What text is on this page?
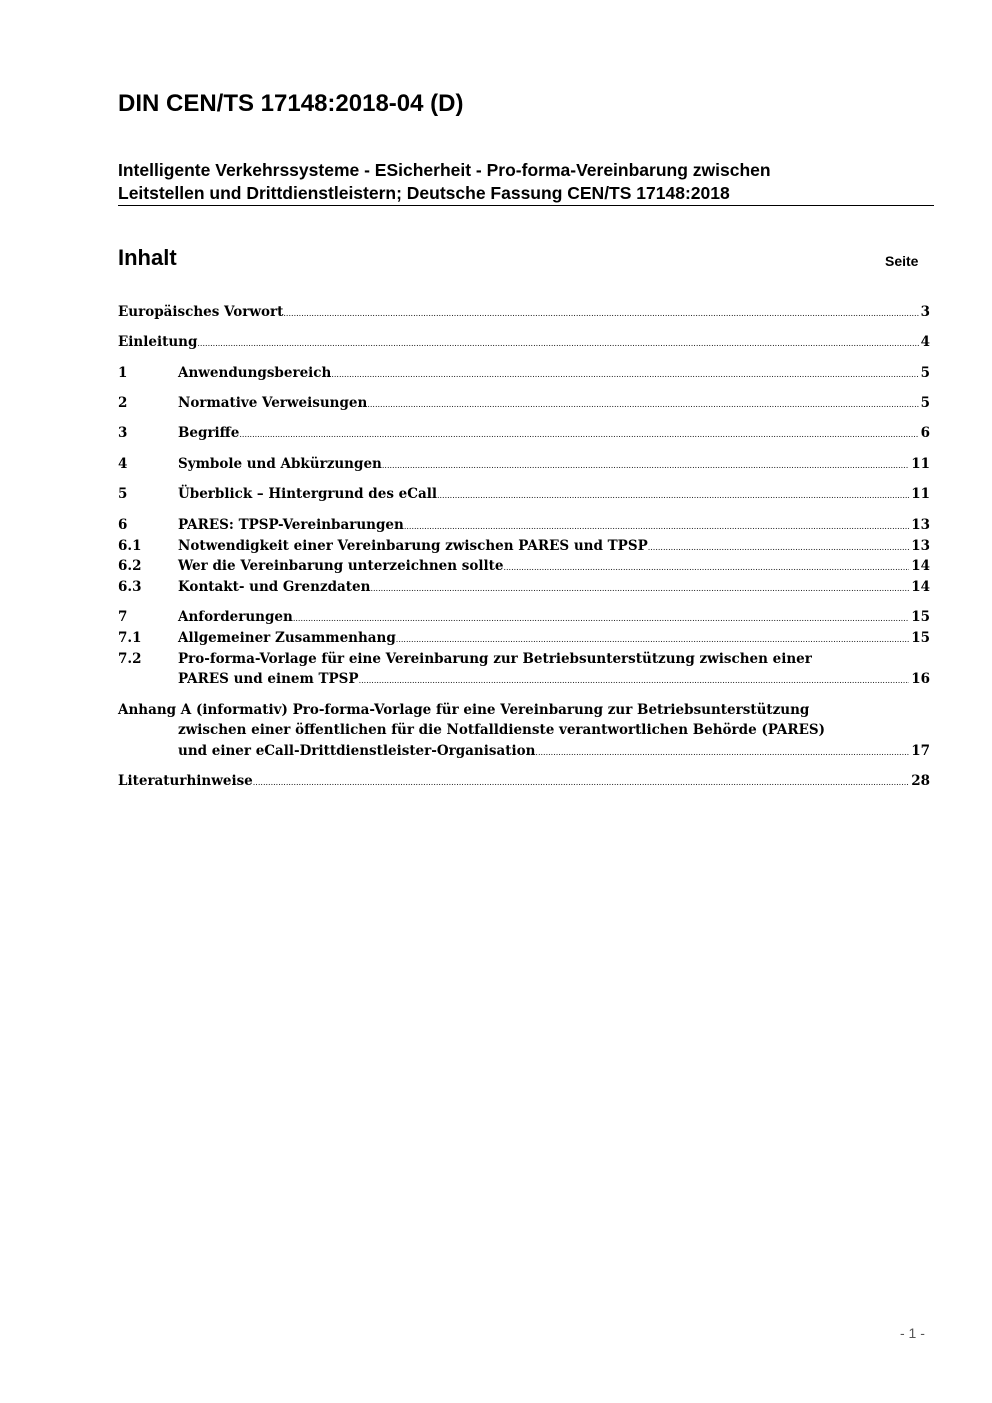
DIN CEN/TS 17148:2018-04 (D)
Intelligente Verkehrssysteme - ESicherheit - Pro-forma-Vereinbarung zwischen
Leitstellen und Drittdienstleistern; Deutsche Fassung CEN/TS 17148:2018
Inhalt	Seite
Europäisches Vorwort .....	3
Einleitung .....	4
1	Anwendungsbereich .....	5
2	Normative Verweisungen .....	5
3	Begriffe .....	6
4	Symbole und Abkürzungen .....	11
5	Überblick – Hintergrund des eCall .....	11
6	PARES: TPSP-Vereinbarungen .....	13
6.1	Notwendigkeit einer Vereinbarung zwischen PARES und TPSP .....	13
6.2	Wer die Vereinbarung unterzeichnen sollte .....	14
6.3	Kontakt- und Grenzdaten .....	14
7	Anforderungen .....	15
7.1	Allgemeiner Zusammenhang .....	15
7.2	Pro-forma-Vorlage für eine Vereinbarung zur Betriebsunterstützung zwischen einer
PARES und einem TPSP .....	16
Anhang A (informativ) Pro-forma-Vorlage für eine Vereinbarung zur Betriebsunterstützung
zwischen einer öffentlichen für die Notfalldienste verantwortlichen Behörde (PARES)
und einer eCall-Drittdienstleister-Organisation .....	17
Literaturhinweise .....	28
- 1 -
